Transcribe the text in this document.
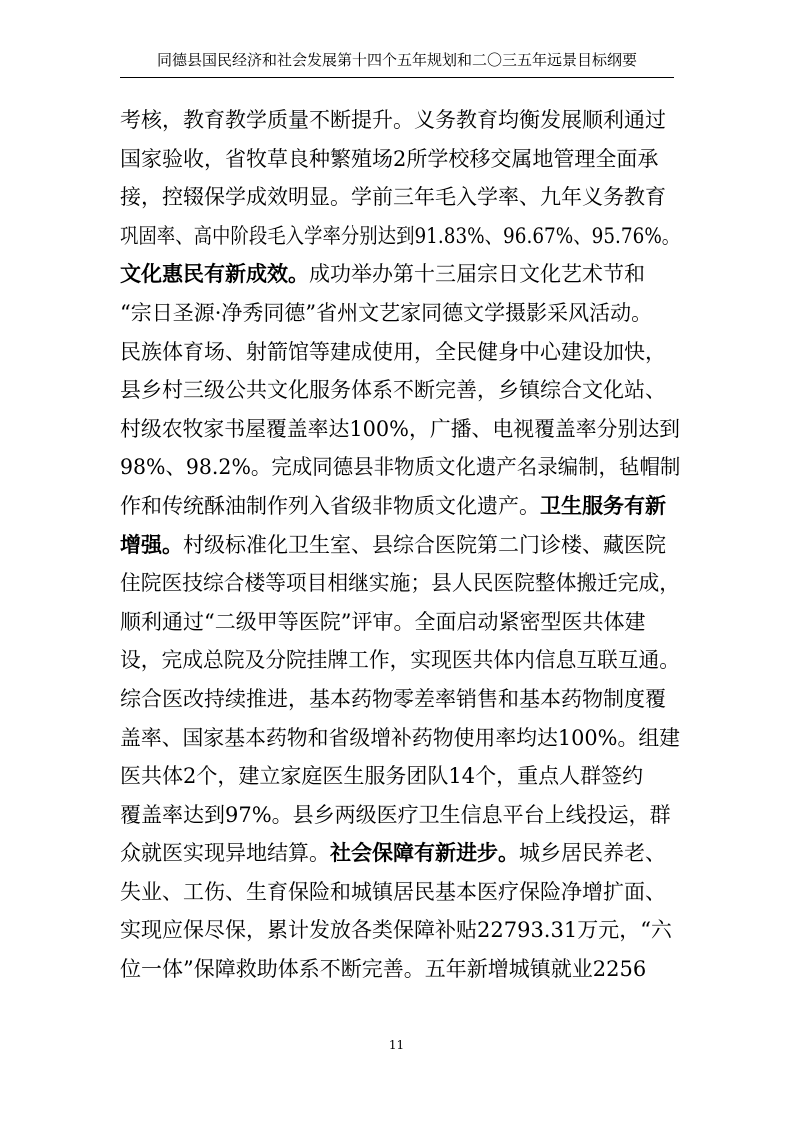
同德县国民经济和社会发展第十四个五年规划和二〇三五年远景目标纲要
考核，教育教学质量不断提升。义务教育均衡发展顺利通过
国家验收，省牧草良种繁殖场2所学校移交属地管理全面承
接，控辍保学成效明显。学前三年毛入学率、九年义务教育
巩固率、高中阶段毛入学率分别达到91.83%、96.67%、95.76%。
文化惠民有新成效。成功举办第十三届宗日文化艺术节和
“宗日圣源·净秀同德”省州文艺家同德文学摄影采风活动。
民族体育场、射箭馆等建成使用，全民健身中心建设加快，
县乡村三级公共文化服务体系不断完善，乡镇综合文化站、
村级农牧家书屋覆盖率达100%，广播、电视覆盖率分别达到
98%、98.2%。完成同德县非物质文化遗产名录编制，毡帽制
作和传统酥油制作列入省级非物质文化遗产。卫生服务有新
增强。村级标准化卫生室、县综合医院第二门诊楼、藏医院
住院医技综合楼等项目相继实施；县人民医院整体搬迁完成，
顺利通过“二级甲等医院”评审。全面启动紧密型医共体建
设，完成总院及分院挂牌工作，实现医共体内信息互联互通。
综合医改持续推进，基本药物零差率销售和基本药物制度覆
盖率、国家基本药物和省级增补药物使用率均达100%。组建
医共体2个，建立家庭医生服务团队14个，重点人群签约
覆盖率达到97%。县乡两级医疗卫生信息平台上线投运，群
众就医实现异地结算。社会保障有新进步。城乡居民养老、
失业、工伤、生育保险和城镇居民基本医疗保险净增扩面、
实现应保尽保，累计发放各类保障补贴22793.31万元，“六
位一体”保障救助体系不断完善。五年新增城镇就业2256
11
